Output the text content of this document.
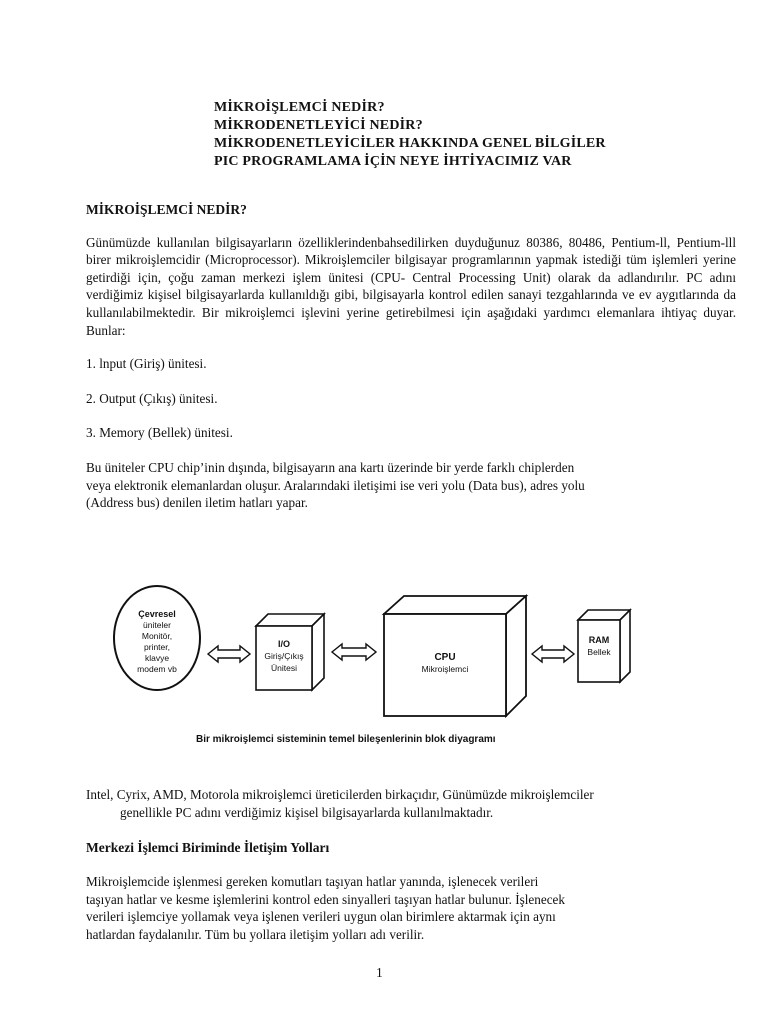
MİKROİŞLEMCİ NEDİR?
MİKRODENETLEYİCİ NEDİR?
MİKRODENETLEYİCİLER HAKKINDA GENEL BİLGİLER
PIC PROGRAMLAMA İÇİN NEYE İHTİYACIMIZ VAR
MİKROİŞLEMCİ NEDİR?

Günümüzde kullanılan bilgisayarların özelliklerindenbahsedilirken duyduğunuz 80386, 80486, Pentium-ll, Pentium-lll birer mikroişlemcidir (Microprocessor). Mikroişlemciler bilgisayar programlarının yapmak istediği tüm işlemleri yerine getirdiği için, çoğu zaman merkezi işlem ünitesi (CPU- Central Processing Unit) olarak da adlandırılır. PC adını verdiğimiz kişisel bilgisayarlarda kullanıldığı gibi, bilgisayarla kontrol edilen sanayi tezgahlarında ve ev aygıtlarında da kullanılabilmektedir. Bir mikroişlemci işlevini yerine getirebilmesi için aşağıdaki yardımcı elemanlara ihtiyaç duyar. Bunlar:

1. lnput (Giriş) ünitesi.
2. Output (Çıkış) ünitesi.
3. Memory (Bellek) ünitesi.
Bu üniteler CPU chip’inin dışında, bilgisayarın ana kartı üzerinde bir yerde farklı chiplerden
veya elektronik elemanlardan oluşur. Aralarındaki iletişimi ise veri yolu (Data bus), adres yolu
(Address bus) denilen iletim hatları yapar.
Çevresel
üniteler
Monitör,
printer,
klavye
modem vb
I/O
Giriş/Çıkış
Ünitesi
CPU
Mikroişlemci
RAM
Bellek
Bir mikroişlemci sisteminin temel bileşenlerinin blok diyagramı
Intel, Cyrix, AMD, Motorola mikroişlemci üreticilerden birkaçıdır, Günümüzde mikroişlemciler
genellikle PC adını verdiğimiz kişisel bilgisayarlarda kullanılmaktadır.
Merkezi İşlemci Biriminde İletişim Yolları
Mikroişlemcide işlenmesi gereken komutları taşıyan hatlar yanında, işlenecek verileri
taşıyan hatlar ve kesme işlemlerini kontrol eden sinyalleri taşıyan hatlar bulunur. İşlenecek
verileri işlemciye yollamak veya işlenen verileri uygun olan birimlere aktarmak için aynı
hatlardan faydalanılır. Tüm bu yollara iletişim yolları adı verilir.
1
